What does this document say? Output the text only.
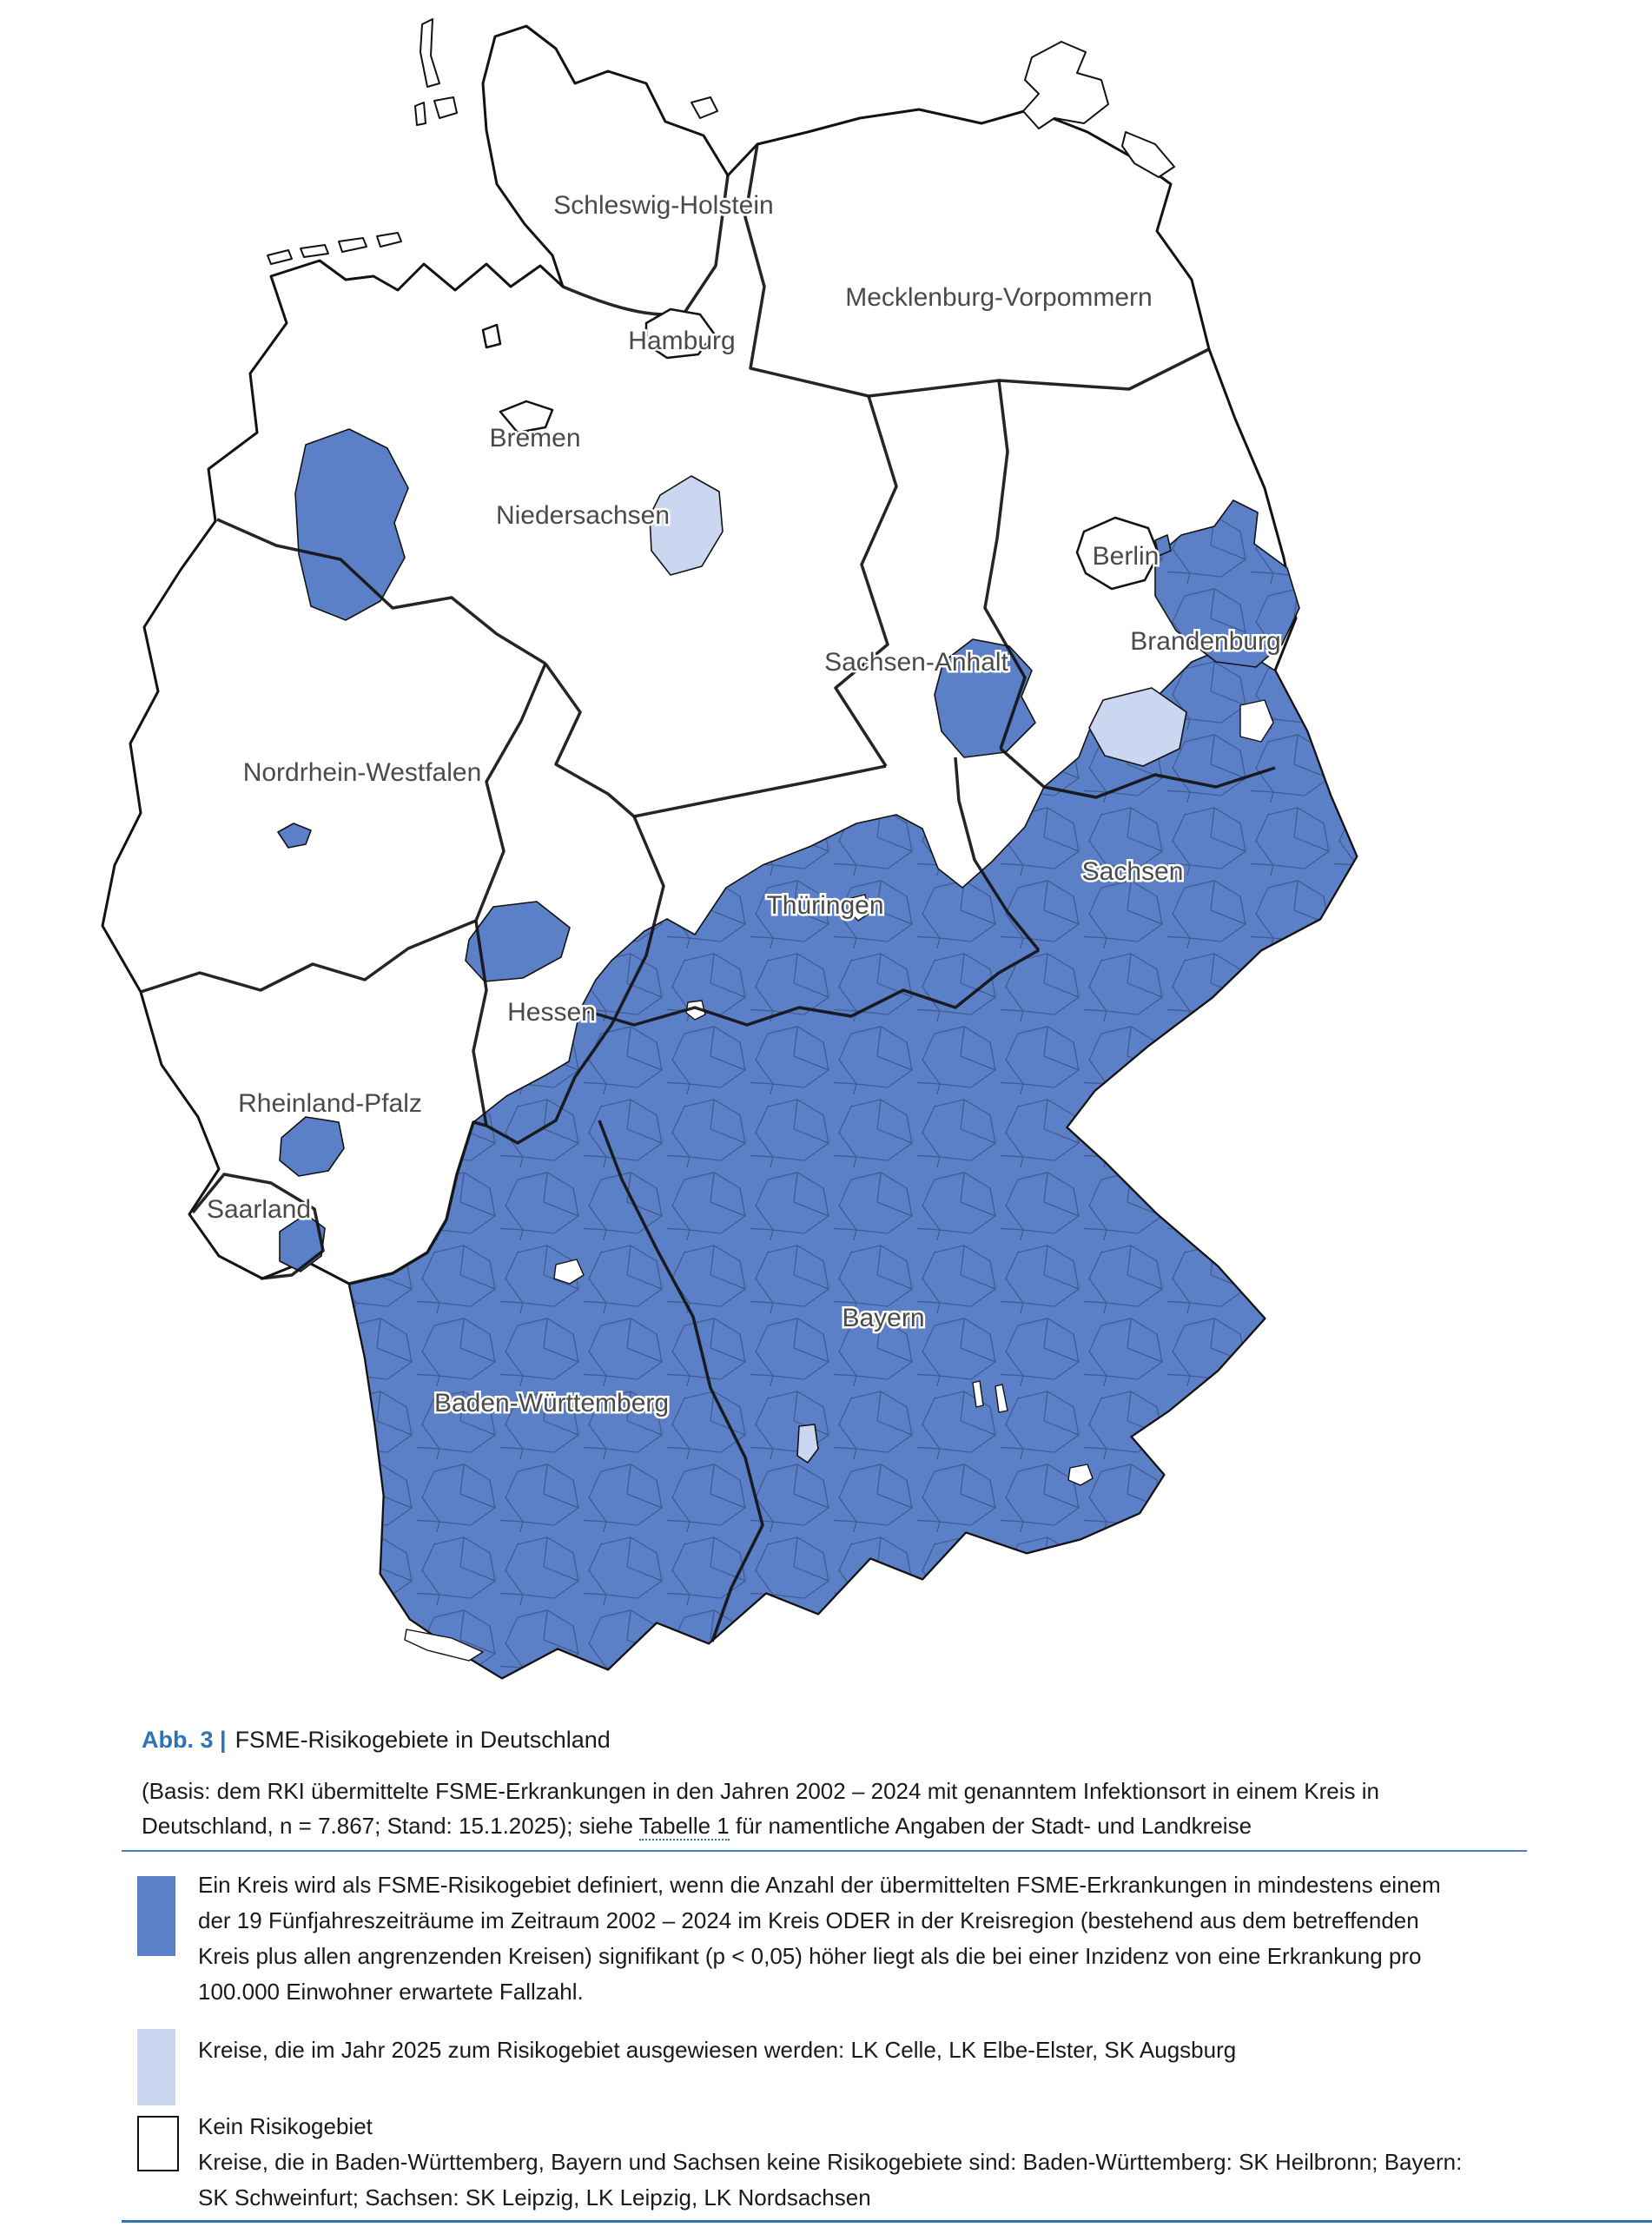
Schleswig-Holstein
Mecklenburg-Vorpommern
Hamburg
Bremen
Niedersachsen
Berlin
Brandenburg
Sachsen-Anhalt
Nordrhein-Westfalen
Sachsen
Thüringen
Hessen
Rheinland-Pfalz
Saarland
Bayern
Baden-Württemberg
Abb. 3 | FSME-Risikogebiete in Deutschland
(Basis: dem RKI übermittelte FSME-Erkrankungen in den Jahren 2002 – 2024 mit genanntem Infektionsort in einem Kreis in Deutschland, n = 7.867; Stand: 15.1.2025); siehe Tabelle 1 für namentliche Angaben der Stadt- und Landkreise

Ein Kreis wird als FSME-Risikogebiet definiert, wenn die Anzahl der übermittelten FSME-Erkrankungen in mindestens einem der 19 Fünfjahreszeiträume im Zeitraum 2002 – 2024 im Kreis ODER in der Kreisregion (bestehend aus dem betreffenden Kreis plus allen angrenzenden Kreisen) signifikant (p < 0,05) höher liegt als die bei einer Inzidenz von eine Erkrankung pro 100.000 Einwohner erwartete Fallzahl.

Kreise, die im Jahr 2025 zum Risikogebiet ausgewiesen werden: LK Celle, LK Elbe-Elster, SK Augsburg

Kein Risikogebiet

Kreise, die in Baden-Württemberg, Bayern und Sachsen keine Risikogebiete sind: Baden-Württemberg: SK Heilbronn; Bayern: SK Schweinfurt; Sachsen: SK Leipzig, LK Leipzig, LK Nordsachsen
